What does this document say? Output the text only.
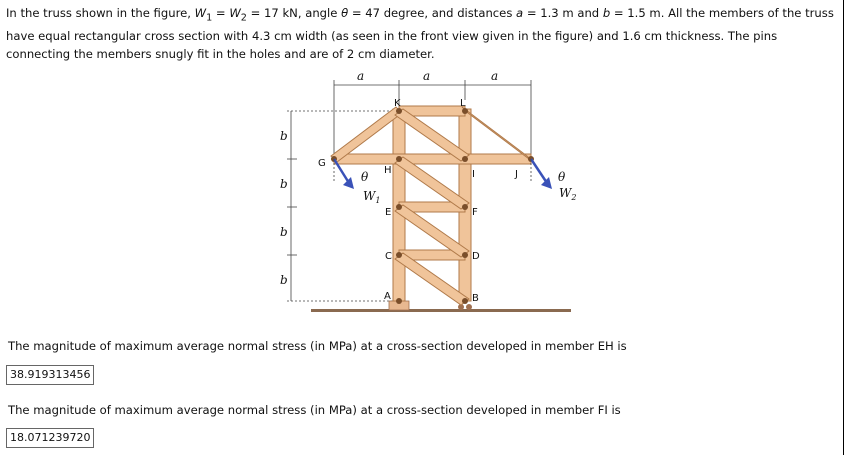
In the truss shown in the figure, $W_1 = W_2 = 17$ kN, angle θ = 47 degree, and distances a = 1.3 m and b = 1.5 m. All the members of the truss have equal rectangular cross section with 4.3 cm width (as seen in the front view given in the figure) and 1.6 cm thickness. The pins connecting the members snugly fit in the holes and are of 2 cm diameter.
a	a	a
b
b
b
b
K	L
G
H	I	J
E	F
C	D
A	B
θ	θ
$W_1$
$W_2$
The magnitude of maximum average normal stress (in MPa) at a cross-section developed in member EH is
38.919313456
The magnitude of maximum average normal stress (in MPa) at a cross-section developed in member FI is
18.071239720
